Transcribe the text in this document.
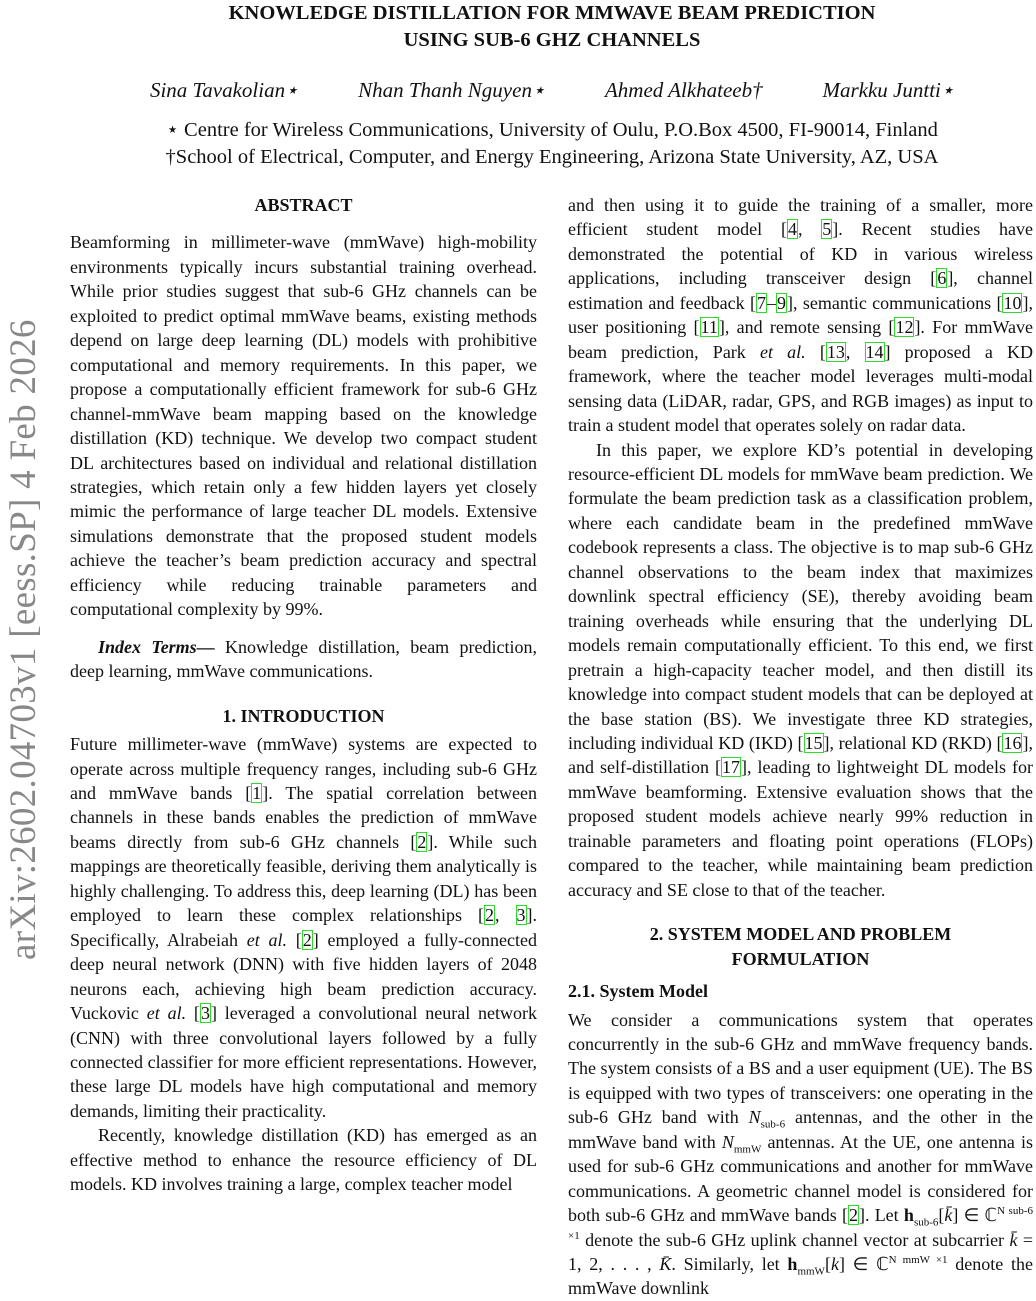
KNOWLEDGE DISTILLATION FOR MMWAVE BEAM PREDICTION
USING SUB-6 GHZ CHANNELS
Sina Tavakolian⋆	Nhan Thanh Nguyen⋆	Ahmed Alkhateeb†	Markku Juntti⋆
⋆ Centre for Wireless Communications, University of Oulu, P.O.Box 4500, FI-90014, Finland
†School of Electrical, Computer, and Energy Engineering, Arizona State University, AZ, USA
arXiv:2602.04703v1 [eess.SP] 4 Feb 2026
ABSTRACT

Beamforming in millimeter-wave (mmWave) high-mobility environments typically incurs substantial training overhead. While prior studies suggest that sub-6 GHz channels can be exploited to predict optimal mmWave beams, existing methods depend on large deep learning (DL) models with prohibitive computational and memory requirements. In this paper, we propose a computationally efficient framework for sub-6 GHz channel-mmWave beam mapping based on the knowledge distillation (KD) technique. We develop two compact student DL architectures based on individual and relational distillation strategies, which retain only a few hidden layers yet closely mimic the performance of large teacher DL models. Extensive simulations demonstrate that the proposed student models achieve the teacher’s beam prediction accuracy and spectral efficiency while reducing trainable parameters and computational complexity by 99%.

Index Terms— Knowledge distillation, beam prediction, deep learning, mmWave communications.

1. INTRODUCTION

Future millimeter-wave (mmWave) systems are expected to operate across multiple frequency ranges, including sub-6 GHz and mmWave bands [1]. The spatial correlation between channels in these bands enables the prediction of mmWave beams directly from sub-6 GHz channels [2]. While such mappings are theoretically feasible, deriving them analytically is highly challenging. To address this, deep learning (DL) has been employed to learn these complex relationships [2, 3]. Specifically, Alrabeiah et al. [2] employed a fully-connected deep neural network (DNN) with five hidden layers of 2048 neurons each, achieving high beam prediction accuracy. Vuckovic et al. [3] leveraged a convolutional neural network (CNN) with three convolutional layers followed by a fully connected classifier for more efficient representations. However, these large DL models have high computational and memory demands, limiting their practicality.

Recently, knowledge distillation (KD) has emerged as an effective method to enhance the resource efficiency of DL models. KD involves training a large, complex teacher model

and then using it to guide the training of a smaller, more efficient student model [4, 5]. Recent studies have demonstrated the potential of KD in various wireless applications, including transceiver design [6], channel estimation and feedback [7–9], semantic communications [10], user positioning [11], and remote sensing [12]. For mmWave beam prediction, Park et al. [13, 14] proposed a KD framework, where the teacher model leverages multi-modal sensing data (LiDAR, radar, GPS, and RGB images) as input to train a student model that operates solely on radar data.

In this paper, we explore KD’s potential in developing resource-efficient DL models for mmWave beam prediction. We formulate the beam prediction task as a classification problem, where each candidate beam in the predefined mmWave codebook represents a class. The objective is to map sub-6 GHz channel observations to the beam index that maximizes downlink spectral efficiency (SE), thereby avoiding beam training overheads while ensuring that the underlying DL models remain computationally efficient. To this end, we first pretrain a high-capacity teacher model, and then distill its knowledge into compact student models that can be deployed at the base station (BS). We investigate three KD strategies, including individual KD (IKD) [15], relational KD (RKD) [16], and self-distillation [17], leading to lightweight DL models for mmWave beamforming. Extensive evaluation shows that the proposed student models achieve nearly 99% reduction in trainable parameters and floating point operations (FLOPs) compared to the teacher, while maintaining beam prediction accuracy and SE close to that of the teacher.

2. SYSTEM MODEL AND PROBLEM
FORMULATION
2.1. System Model

We consider a communications system that operates concurrently in the sub-6 GHz and mmWave frequency bands. The system consists of a BS and a user equipment (UE). The BS is equipped with two types of transceivers: one operating in the sub-6 GHz band with $N_{sub-6}$ antennas, and the other in the mmWave band with $N_{mmW}$ antennas. At the UE, one antenna is used for sub-6 GHz communications and another for mmWave communications. A geometric channel model is considered for both sub-6 GHz and mmWave bands [2]. Let $h_{sub-6}[k̄]$ ∈ ℂ$^{N sub-6 \times 1}$ denote the sub-6 GHz uplink channel vector at subcarrier k̄ = 1, 2, . . . , K̄. Similarly, let $h_{mmW}[k]$ ∈ ℂ$^{N mmW \times 1}$ denote the mmWave downlink
